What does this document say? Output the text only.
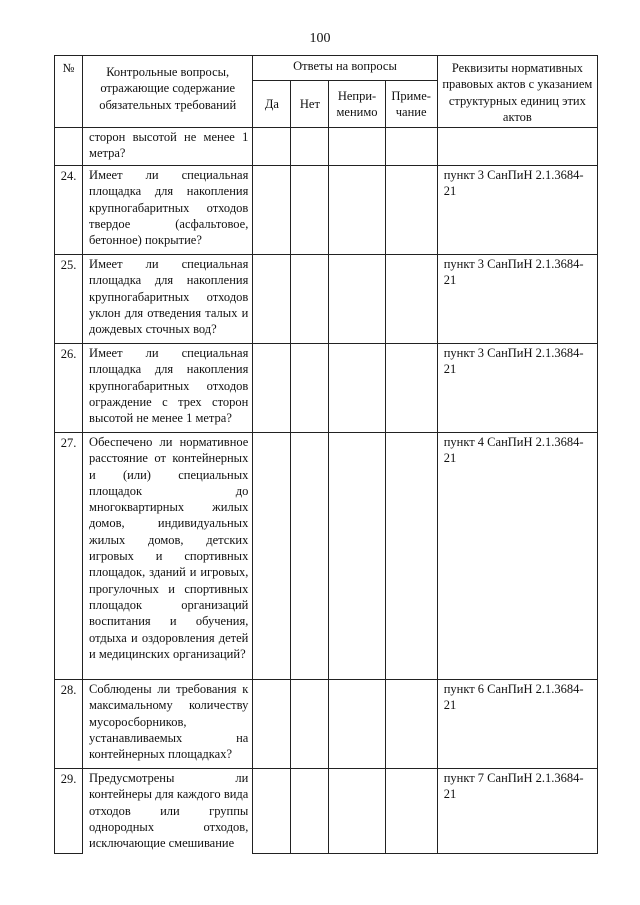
100
№	Контрольные вопросы, отражающие содержание обязательных требований	Ответы на вопросы				Реквизиты нормативных правовых актов с указанием структурных единиц этих актов
		Да	Нет	Непри-менимо	Приме-чание	
	сторон высотой не менее 1 метра?					
24.	Имеет ли специальная площадка для накопления крупногабаритных отходов твердое (асфальтовое, бетонное) покрытие?					пункт 3 СанПиН 2.1.3684-21
25.	Имеет ли специальная площадка для накопления крупногабаритных отходов уклон для отведения талых и дождевых сточных вод?					пункт 3 СанПиН 2.1.3684-21
26.	Имеет ли специальная площадка для накопления крупногабаритных отходов ограждение с трех сторон высотой не менее 1 метра?					пункт 3 СанПиН 2.1.3684-21
27.	Обеспечено ли нормативное расстояние от контейнерных и (или) специальных площадок до многоквартирных жилых домов, индивидуальных жилых домов, детских игровых и спортивных площадок, зданий и игровых, прогулочных и спортивных площадок организаций воспитания и обучения, отдыха и оздоровления детей и медицинских организаций?					пункт 4 СанПиН 2.1.3684-21
28.	Соблюдены ли требования к максимальному количеству мусоросборников, устанавливаемых на контейнерных площадках?					пункт 6 СанПиН 2.1.3684-21
29.	Предусмотрены ли контейнеры для каждого вида отходов или группы однородных отходов, исключающие смешивание					пункт 7 СанПиН 2.1.3684-21
